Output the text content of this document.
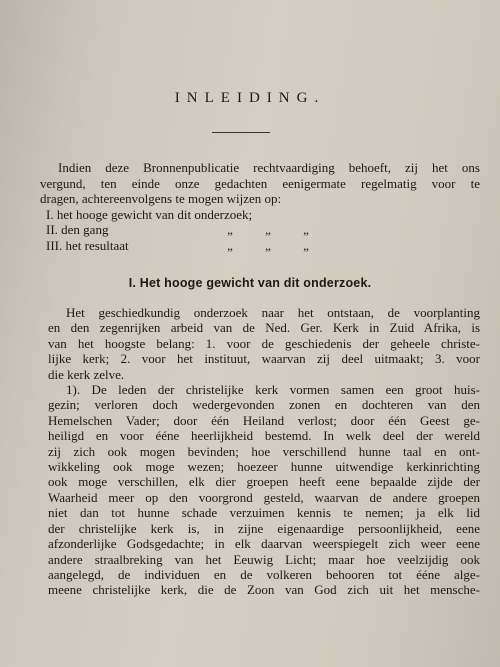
INLEIDING.
Indien deze Bronnenpublicatie rechtvaardiging behoeft, zij het ons
vergund, ten einde onze gedachten eenigermate regelmatig voor te
dragen, achtereenvolgens te mogen wijzen op:
I. het hooge gewicht van dit onderzoek;
II. den gang	„	„	„
III. het resultaat	„	„	„
I. Het hooge gewicht van dit onderzoek.
Het geschiedkundig onderzoek naar het ontstaan, de voorplanting
en den zegenrijken arbeid van de Ned. Ger. Kerk in Zuid Afrika, is
van het hoogste belang: 1. voor de geschiedenis der geheele christe-
lijke kerk; 2. voor het instituut, waarvan zij deel uitmaakt; 3. voor
die kerk zelve.
1). De leden der christelijke kerk vormen samen een groot huis-
gezin; verloren doch wedergevonden zonen en dochteren van den
Hemelschen Vader; door één Heiland verlost; door één Geest ge-
heiligd en voor ééne heerlijkheid bestemd. In welk deel der wereld
zij zich ook mogen bevinden; hoe verschillend hunne taal en ont-
wikkeling ook moge wezen; hoezeer hunne uitwendige kerkinrichting
ook moge verschillen, elk dier groepen heeft eene bepaalde zijde der
Waarheid meer op den voorgrond gesteld, waarvan de andere groepen
niet dan tot hunne schade verzuimen kennis te nemen; ja elk lid
der christelijke kerk is, in zijne eigenaardige persoonlijkheid, eene
afzonderlijke Godsgedachte; in elk daarvan weerspiegelt zich weer eene
andere straalbreking van het Eeuwig Licht; maar hoe veelzijdig ook
aangelegd, de individuen en de volkeren behooren tot ééne alge-
meene christelijke kerk, die de Zoon van God zich uit het mensche-
